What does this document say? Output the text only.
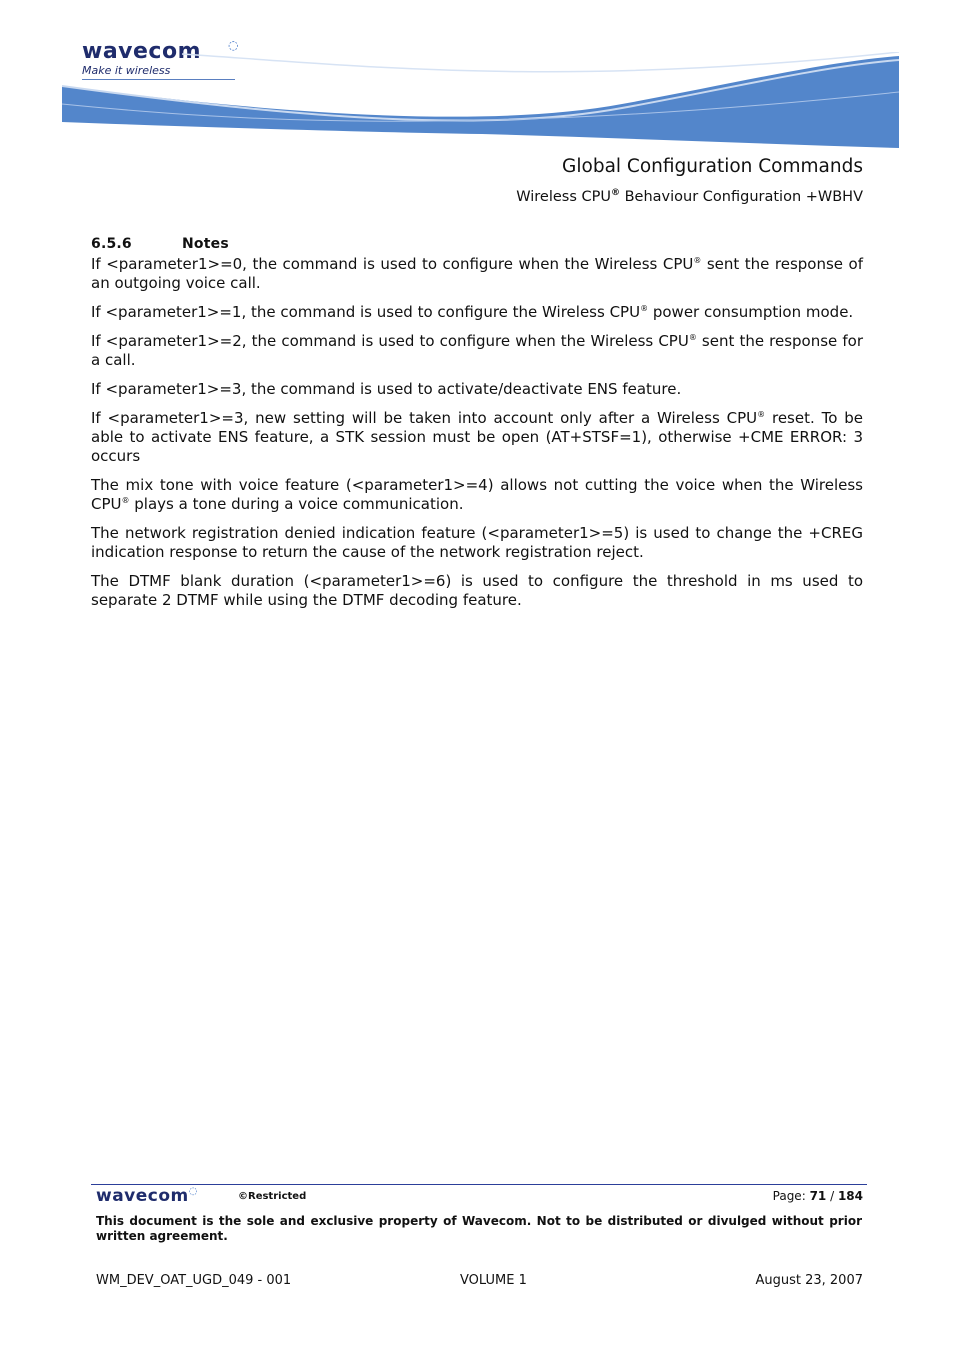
wavecom	◌
Make it wireless
Global Configuration Commands
Wireless CPU® Behaviour Configuration +WBHV
6.5.6	Notes

If <parameter1>=0, the command is used to configure when the Wireless CPU® sent the response of an outgoing voice call.

If <parameter1>=1, the command is used to configure the Wireless CPU® power consumption mode.

If <parameter1>=2, the command is used to configure when the Wireless CPU® sent the response for a call.

If <parameter1>=3, the command is used to activate/deactivate ENS feature.

If <parameter1>=3, new setting will be taken into account only after a Wireless CPU® reset. To be able to activate ENS feature, a STK session must be open (AT+STSF=1), otherwise +CME ERROR: 3 occurs

The mix tone with voice feature (<parameter1>=4) allows not cutting the voice when the Wireless CPU® plays a tone during a voice communication.

The network registration denied indication feature (<parameter1>=5) is used to change the +CREG indication response to return the cause of the network registration reject.

The DTMF blank duration (<parameter1>=6) is used to configure the threshold in ms used to separate 2 DTMF while using the DTMF decoding feature.

wavecom◌	©Restricted	Page: 71 / 184
This document is the sole and exclusive property of Wavecom. Not to be distributed or divulged without prior written agreement.
WM_DEV_OAT_UGD_049 - 001	VOLUME 1	August 23, 2007
